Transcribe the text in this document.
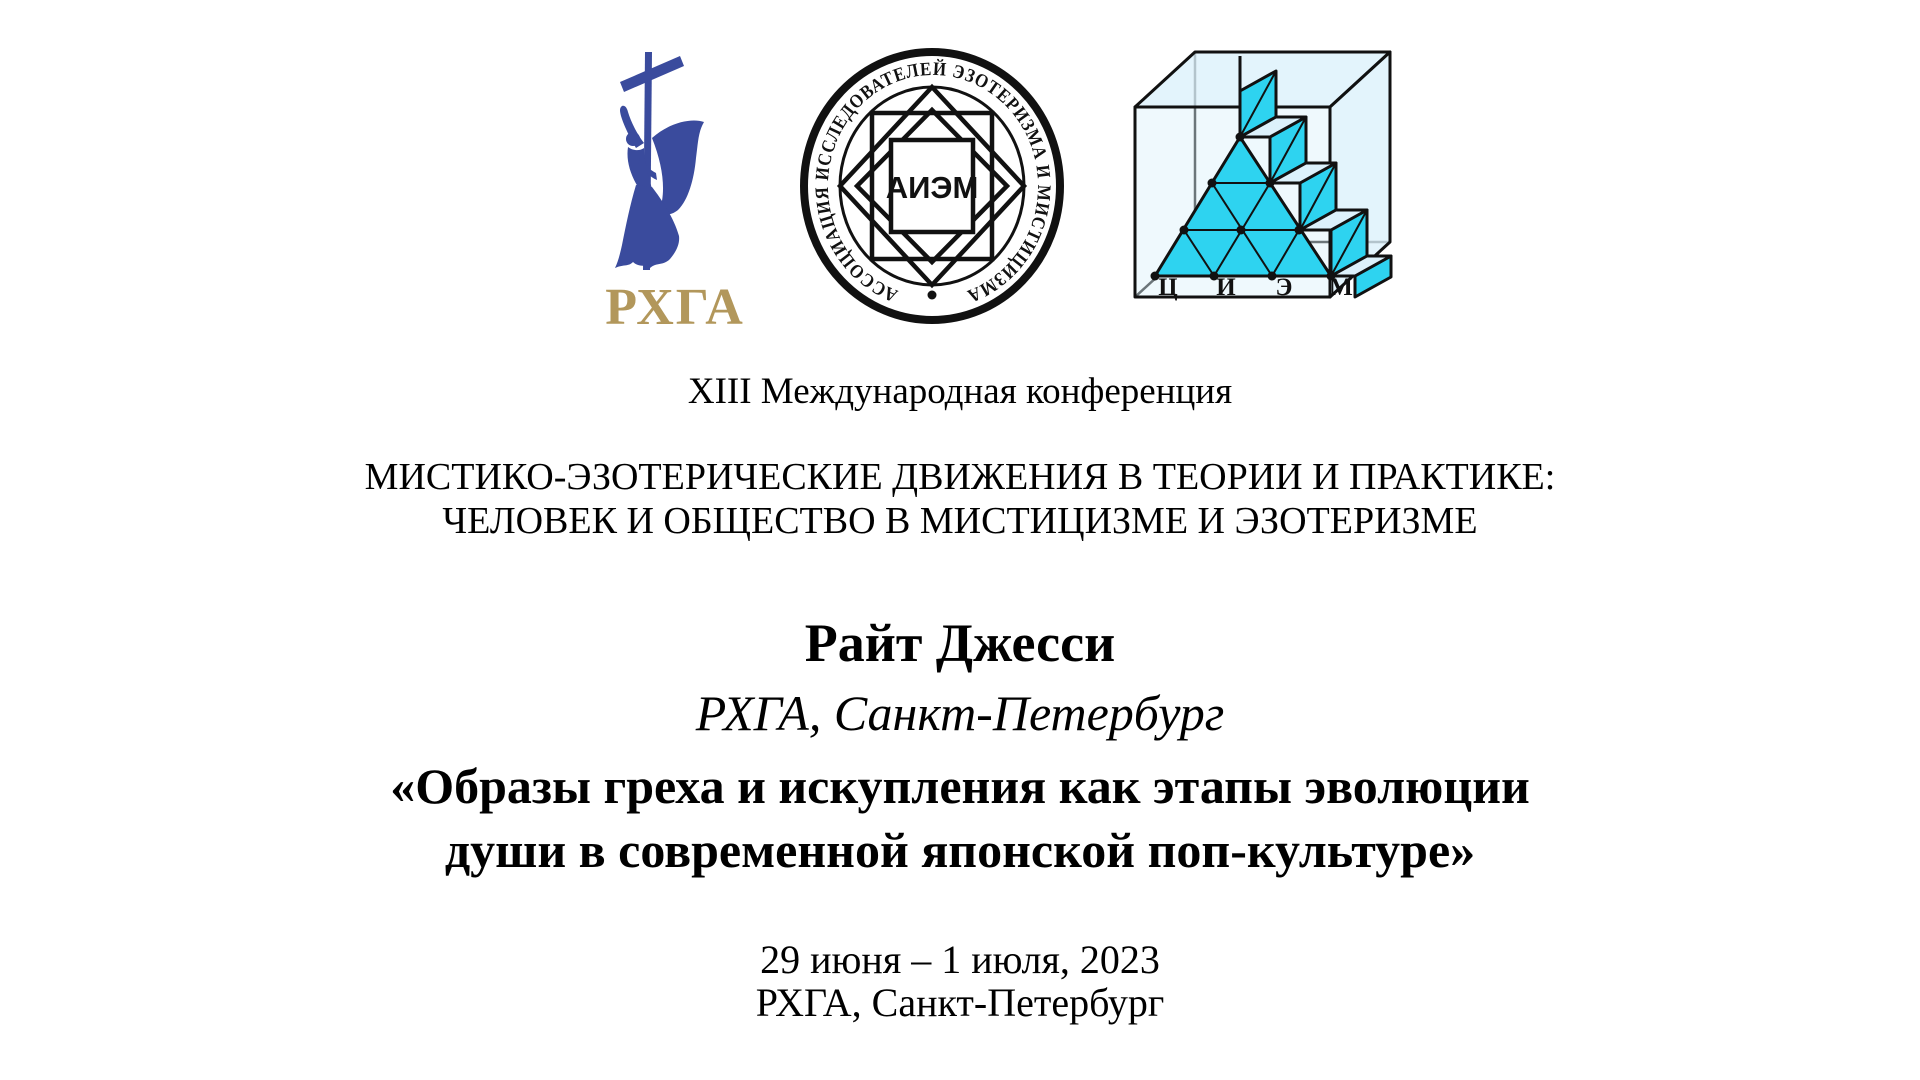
РХГА	АССОЦИАЦИЯ ИССЛЕДОВАТЕЛЕЙ ЭЗОТЕРИЗМА И МИСТИЦИЗМА
АИЭМ
Ц И Э М
XIII Международная конференция
МИСТИКО-ЭЗОТЕРИЧЕСКИЕ ДВИЖЕНИЯ В ТЕОРИИ И ПРАКТИКЕ:
ЧЕЛОВЕК И ОБЩЕСТВО В МИСТИЦИЗМЕ И ЭЗОТЕРИЗМЕ
Райт Джесси
РХГА, Санкт-Петербург
«Образы греха и искупления как этапы эволюции
души в современной японской поп-культуре»
29 июня – 1 июля, 2023
РХГА, Санкт-Петербург
